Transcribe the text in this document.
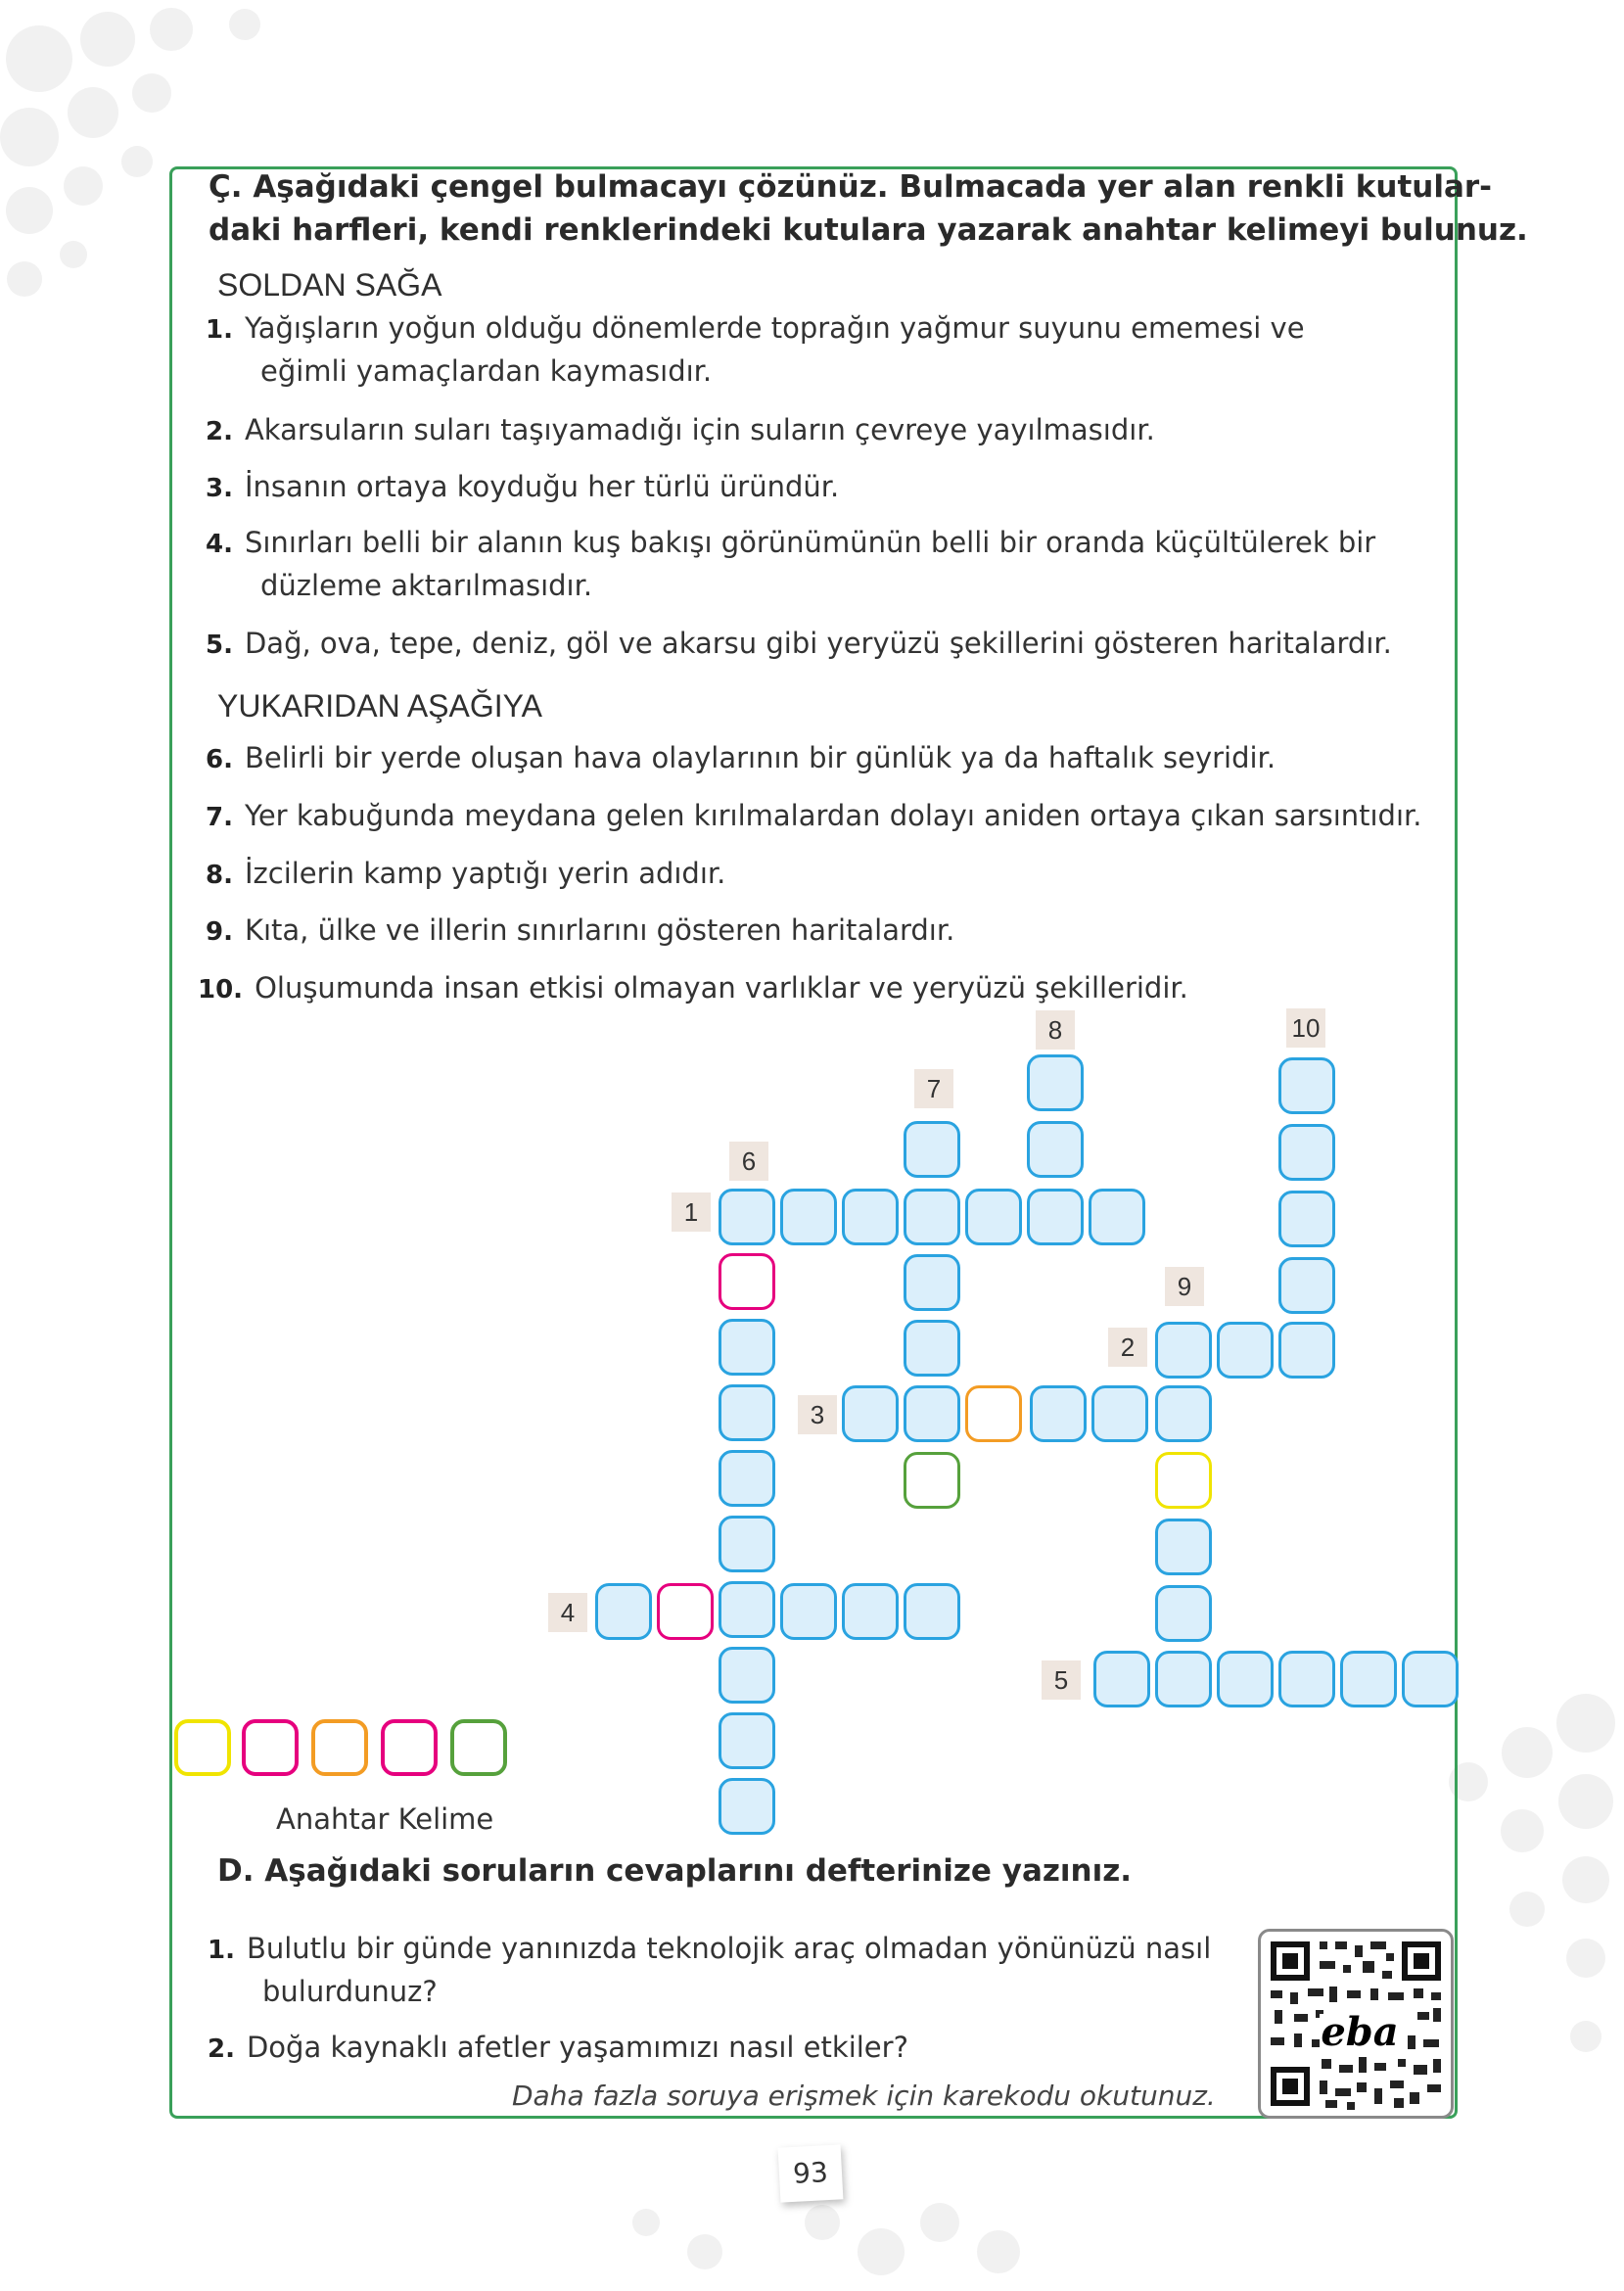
Ç. Aşağıdaki çengel bulmacayı çözünüz. Bulmacada yer alan renkli kutular-
daki harfleri, kendi renklerindeki kutulara yazarak anahtar kelimeyi bulunuz.
SOLDAN SAĞA
1. Yağışların yoğun olduğu dönemlerde toprağın yağmur suyunu ememesi ve
eğimli yamaçlardan kaymasıdır.
2. Akarsuların suları taşıyamadığı için suların çevreye yayılmasıdır.
3. İnsanın ortaya koyduğu her türlü üründür.
4. Sınırları belli bir alanın kuş bakışı görünümünün belli bir oranda küçültülerek bir
düzleme aktarılmasıdır.
5. Dağ, ova, tepe, deniz, göl ve akarsu gibi yeryüzü şekillerini gösteren haritalardır.
YUKARIDAN AŞAĞIYA
6. Belirli bir yerde oluşan hava olaylarının bir günlük ya da haftalık seyridir.
7. Yer kabuğunda meydana gelen kırılmalardan dolayı aniden ortaya çıkan sarsıntıdır.
8. İzcilerin kamp yaptığı yerin adıdır.
9. Kıta, ülke ve illerin sınırlarını gösteren haritalardır.
10. Oluşumunda insan etkisi olmayan varlıklar ve yeryüzü şekilleridir.
1
2
3
4
5
6
7
8
9
10
Anahtar Kelime
D. Aşağıdaki soruların cevaplarını defterinize yazınız.
1. Bulutlu bir günde yanınızda teknolojik araç olmadan yönünüzü nasıl
bulurdunuz?
2. Doğa kaynaklı afetler yaşamımızı nasıl etkiler?
Daha fazla soruya erişmek için karekodu okutunuz.
eba
93
